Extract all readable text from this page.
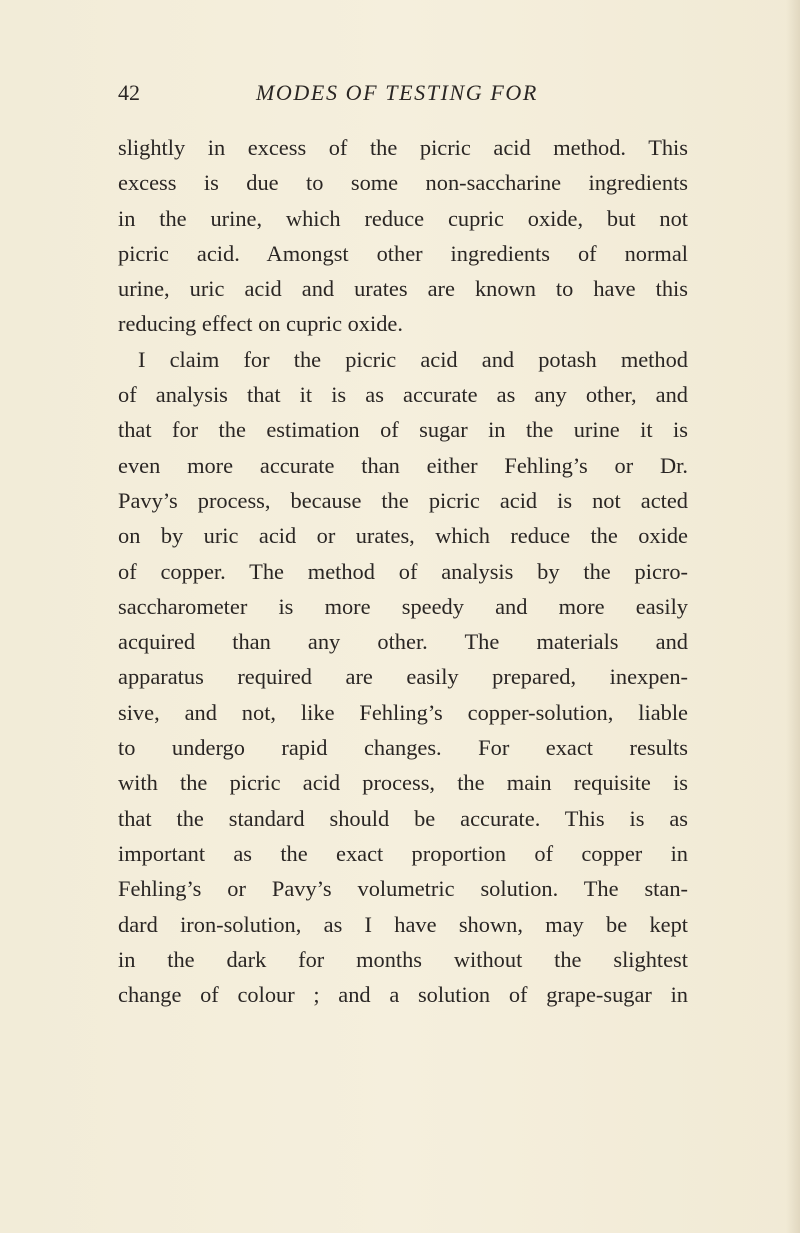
42	MODES OF TESTING FOR
slightly in excess of the picric acid method. This
excess is due to some non-saccharine ingredients
in the urine, which reduce cupric oxide, but not
picric acid. Amongst other ingredients of normal
urine, uric acid and urates are known to have this
reducing effect on cupric oxide.
I claim for the picric acid and potash method
of analysis that it is as accurate as any other, and
that for the estimation of sugar in the urine it is
even more accurate than either Fehling’s or Dr.
Pavy’s process, because the picric acid is not acted
on by uric acid or urates, which reduce the oxide
of copper. The method of analysis by the picro-
saccharometer is more speedy and more easily
acquired than any other. The materials and
apparatus required are easily prepared, inexpen-
sive, and not, like Fehling’s copper-solution, liable
to undergo rapid changes. For exact results
with the picric acid process, the main requisite is
that the standard should be accurate. This is as
important as the exact proportion of copper in
Fehling’s or Pavy’s volumetric solution. The stan-
dard iron-solution, as I have shown, may be kept
in the dark for months without the slightest
change of colour ; and a solution of grape-sugar in
